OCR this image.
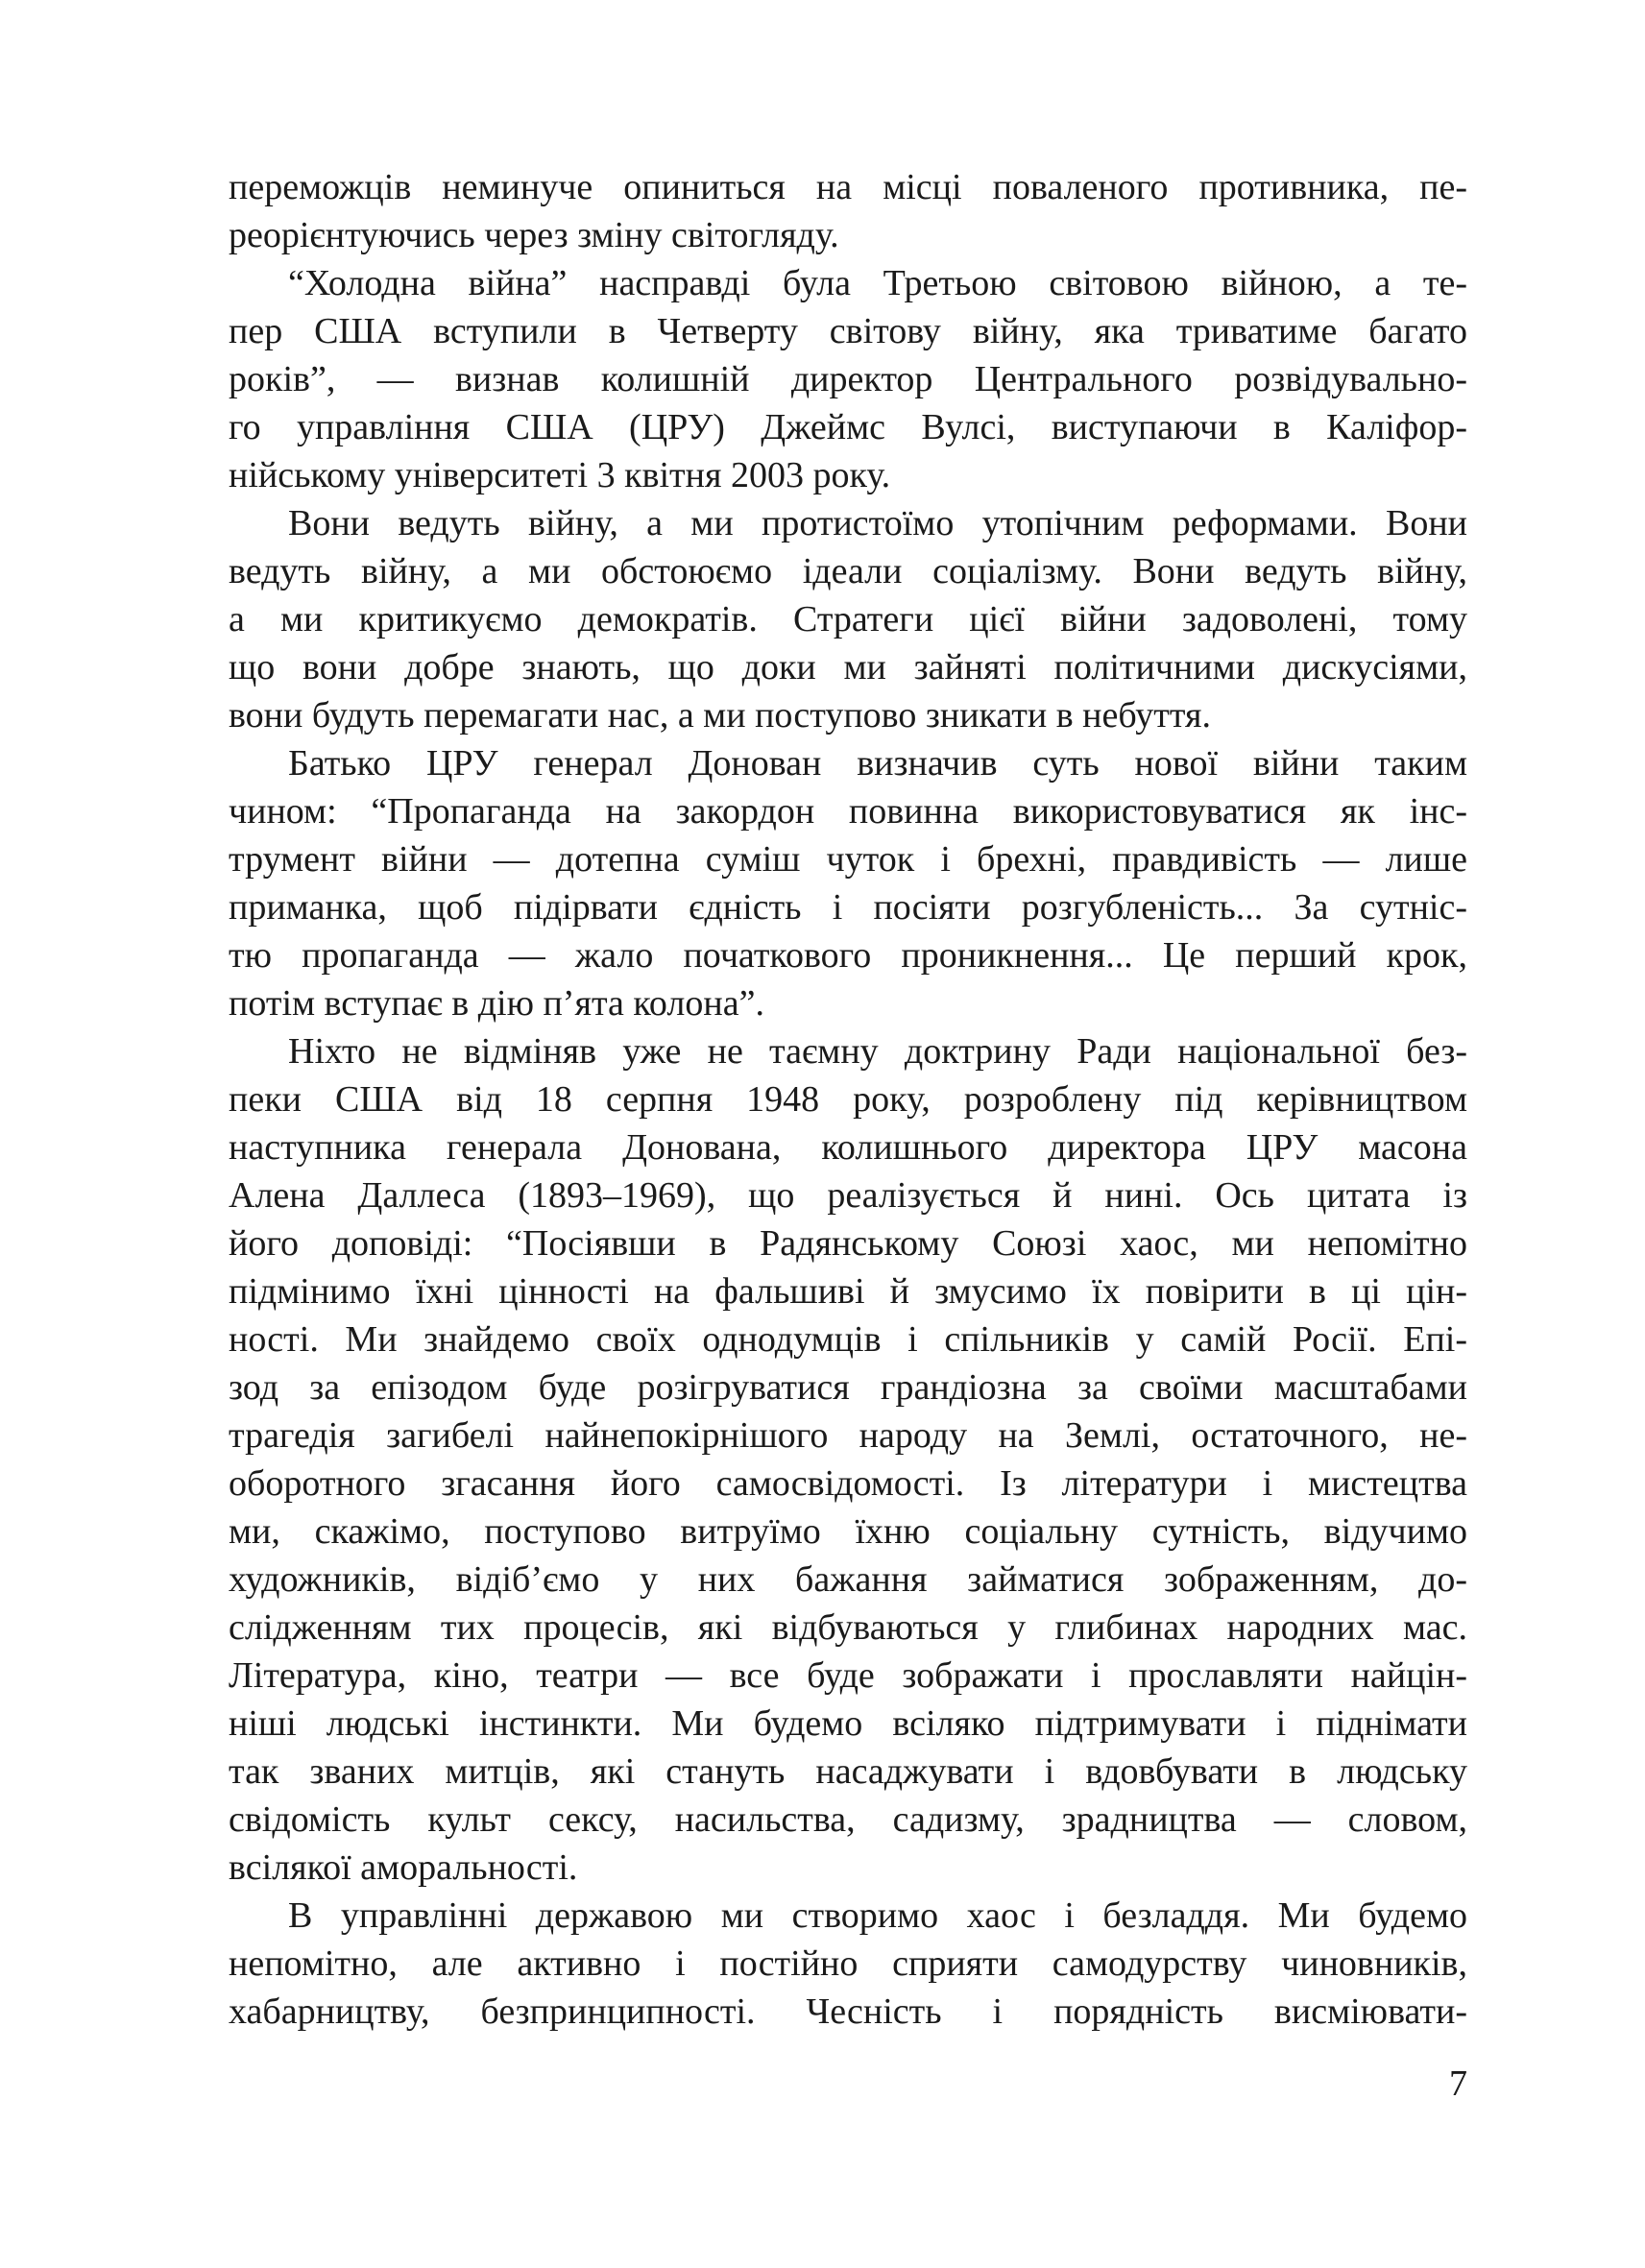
переможців неминуче опиниться на місці поваленого противника, пе-
реорієнтуючись через зміну світогляду.
“Холодна війна” насправді була Третьою світовою війною, а те-
пер США вступили в Четверту світову війну, яка триватиме багато
років”, — визнав колишній директор Центрального розвідувально-
го управління США (ЦРУ) Джеймс Вулсі, виступаючи в Каліфор-
нійському університеті 3 квітня 2003 року.
Вони ведуть війну, а ми протистоїмо утопічним реформами. Вони
ведуть війну, а ми обстоюємо ідеали соціалізму. Вони ведуть війну,
а ми критикуємо демократів. Стратеги цієї війни задоволені, тому
що вони добре знають, що доки ми зайняті політичними дискусіями,
вони будуть перемагати нас, а ми поступово зникати в небуття.
Батько ЦРУ генерал Донован визначив суть нової війни таким
чином: “Пропаганда на закордон повинна використовуватися як інс-
трумент війни — дотепна суміш чуток і брехні, правдивість — лише
приманка, щоб підірвати єдність і посіяти розгубленість... За сутніс-
тю пропаганда — жало початкового проникнення... Це перший крок,
потім вступає в дію п’ята колона”.
Ніхто не відміняв уже не таємну доктрину Ради національної без-
пеки США від 18 серпня 1948 року, розроблену під керівництвом
наступника генерала Донована, колишнього директора ЦРУ масона
Алена Даллеса (1893–1969), що реалізується й нині. Ось цитата із
його доповіді: “Посіявши в Радянському Союзі хаос, ми непомітно
підмінимо їхні цінності на фальшиві й змусимо їх повірити в ці цін-
ності. Ми знайдемо своїх однодумців і спільників у самій Росії. Епі-
зод за епізодом буде розігруватися грандіозна за своїми масштабами
трагедія загибелі найнепокірнішого народу на Землі, остаточного, не-
оборотного згасання його самосвідомості. Із літератури і мистецтва
ми, скажімо, поступово витруїмо їхню соціальну сутність, відучимо
художників, відіб’ємо у них бажання займатися зображенням, до-
слідженням тих процесів, які відбуваються у глибинах народних мас.
Література, кіно, театри — все буде зображати і прославляти найцін-
ніші людські інстинкти. Ми будемо всіляко підтримувати і піднімати
так званих митців, які стануть насаджувати і вдовбувати в людську
свідомість культ сексу, насильства, садизму, зрадництва — словом,
всілякої аморальності.
В управлінні державою ми створимо хаос і безладдя. Ми будемо
непомітно, але активно і постійно сприяти самодурству чиновників,
хабарництву, безпринципності. Чесність і порядність висміювати-
7
